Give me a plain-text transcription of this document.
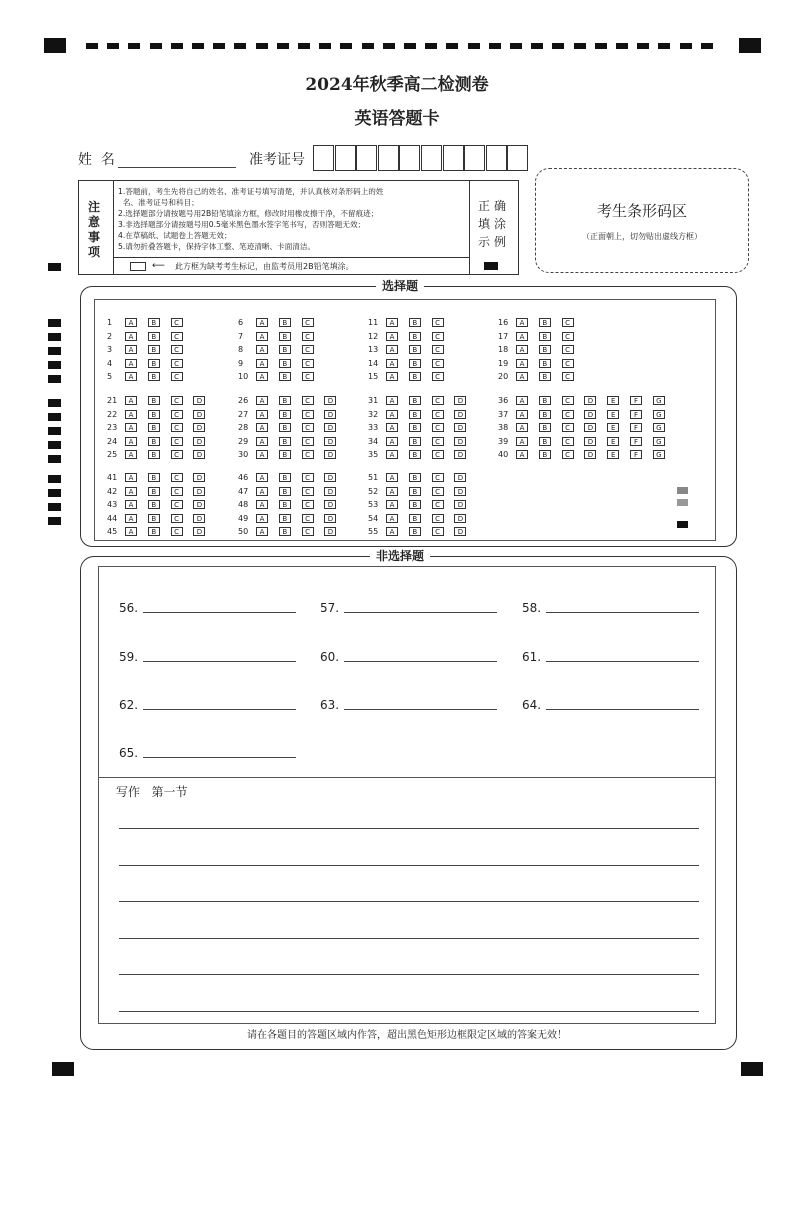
2024年秋季高二检测卷
英语答题卡
姓  名	准考证号
注
意
事
项
1.答题前，考生先将自己的姓名、准考证号填写清楚，并认真核对条形码上的姓
名、准考证号和科目；
2.选择题部分请按题号用2B铅笔填涂方框，修改时用橡皮擦干净，不留痕迹；
3.非选择题部分请按题号用0.5毫米黑色墨水签字笔书写，否则答题无效；
4.在草稿纸、试题卷上答题无效；
5.请勿折叠答题卡，保持字体工整、笔迹清晰、卡面清洁。
⟵ 此方框为缺考考生标记，由监考员用2B铅笔填涂。
正 确
填 涂
示 例
考生条形码区
（正面朝上，切勿贴出虚线方框）
选择题
1	A	B	C
2	A	B	C
3	A	B	C
4	A	B	C
5	A	B	C
6	A	B	C
7	A	B	C
8	A	B	C
9	A	B	C
10	A	B	C
11	A	B	C
12	A	B	C
13	A	B	C
14	A	B	C
15	A	B	C
16	A	B	C
17	A	B	C
18	A	B	C
19	A	B	C
20	A	B	C
21	A	B	C	D
22	A	B	C	D
23	A	B	C	D
24	A	B	C	D
25	A	B	C	D
26	A	B	C	D
27	A	B	C	D
28	A	B	C	D
29	A	B	C	D
30	A	B	C	D
31	A	B	C	D
32	A	B	C	D
33	A	B	C	D
34	A	B	C	D
35	A	B	C	D
36	A	B	C	D	E	F	G
37	A	B	C	D	E	F	G
38	A	B	C	D	E	F	G
39	A	B	C	D	E	F	G
40	A	B	C	D	E	F	G
41	A	B	C	D
42	A	B	C	D
43	A	B	C	D
44	A	B	C	D
45	A	B	C	D
46	A	B	C	D
47	A	B	C	D
48	A	B	C	D
49	A	B	C	D
50	A	B	C	D
51	A	B	C	D
52	A	B	C	D
53	A	B	C	D
54	A	B	C	D
55	A	B	C	D
非选择题
56.	57.	58.
59.	60.	61.
62.	63.	64.
65.
写作   第一节
请在各题目的答题区域内作答，超出黑色矩形边框限定区域的答案无效！
